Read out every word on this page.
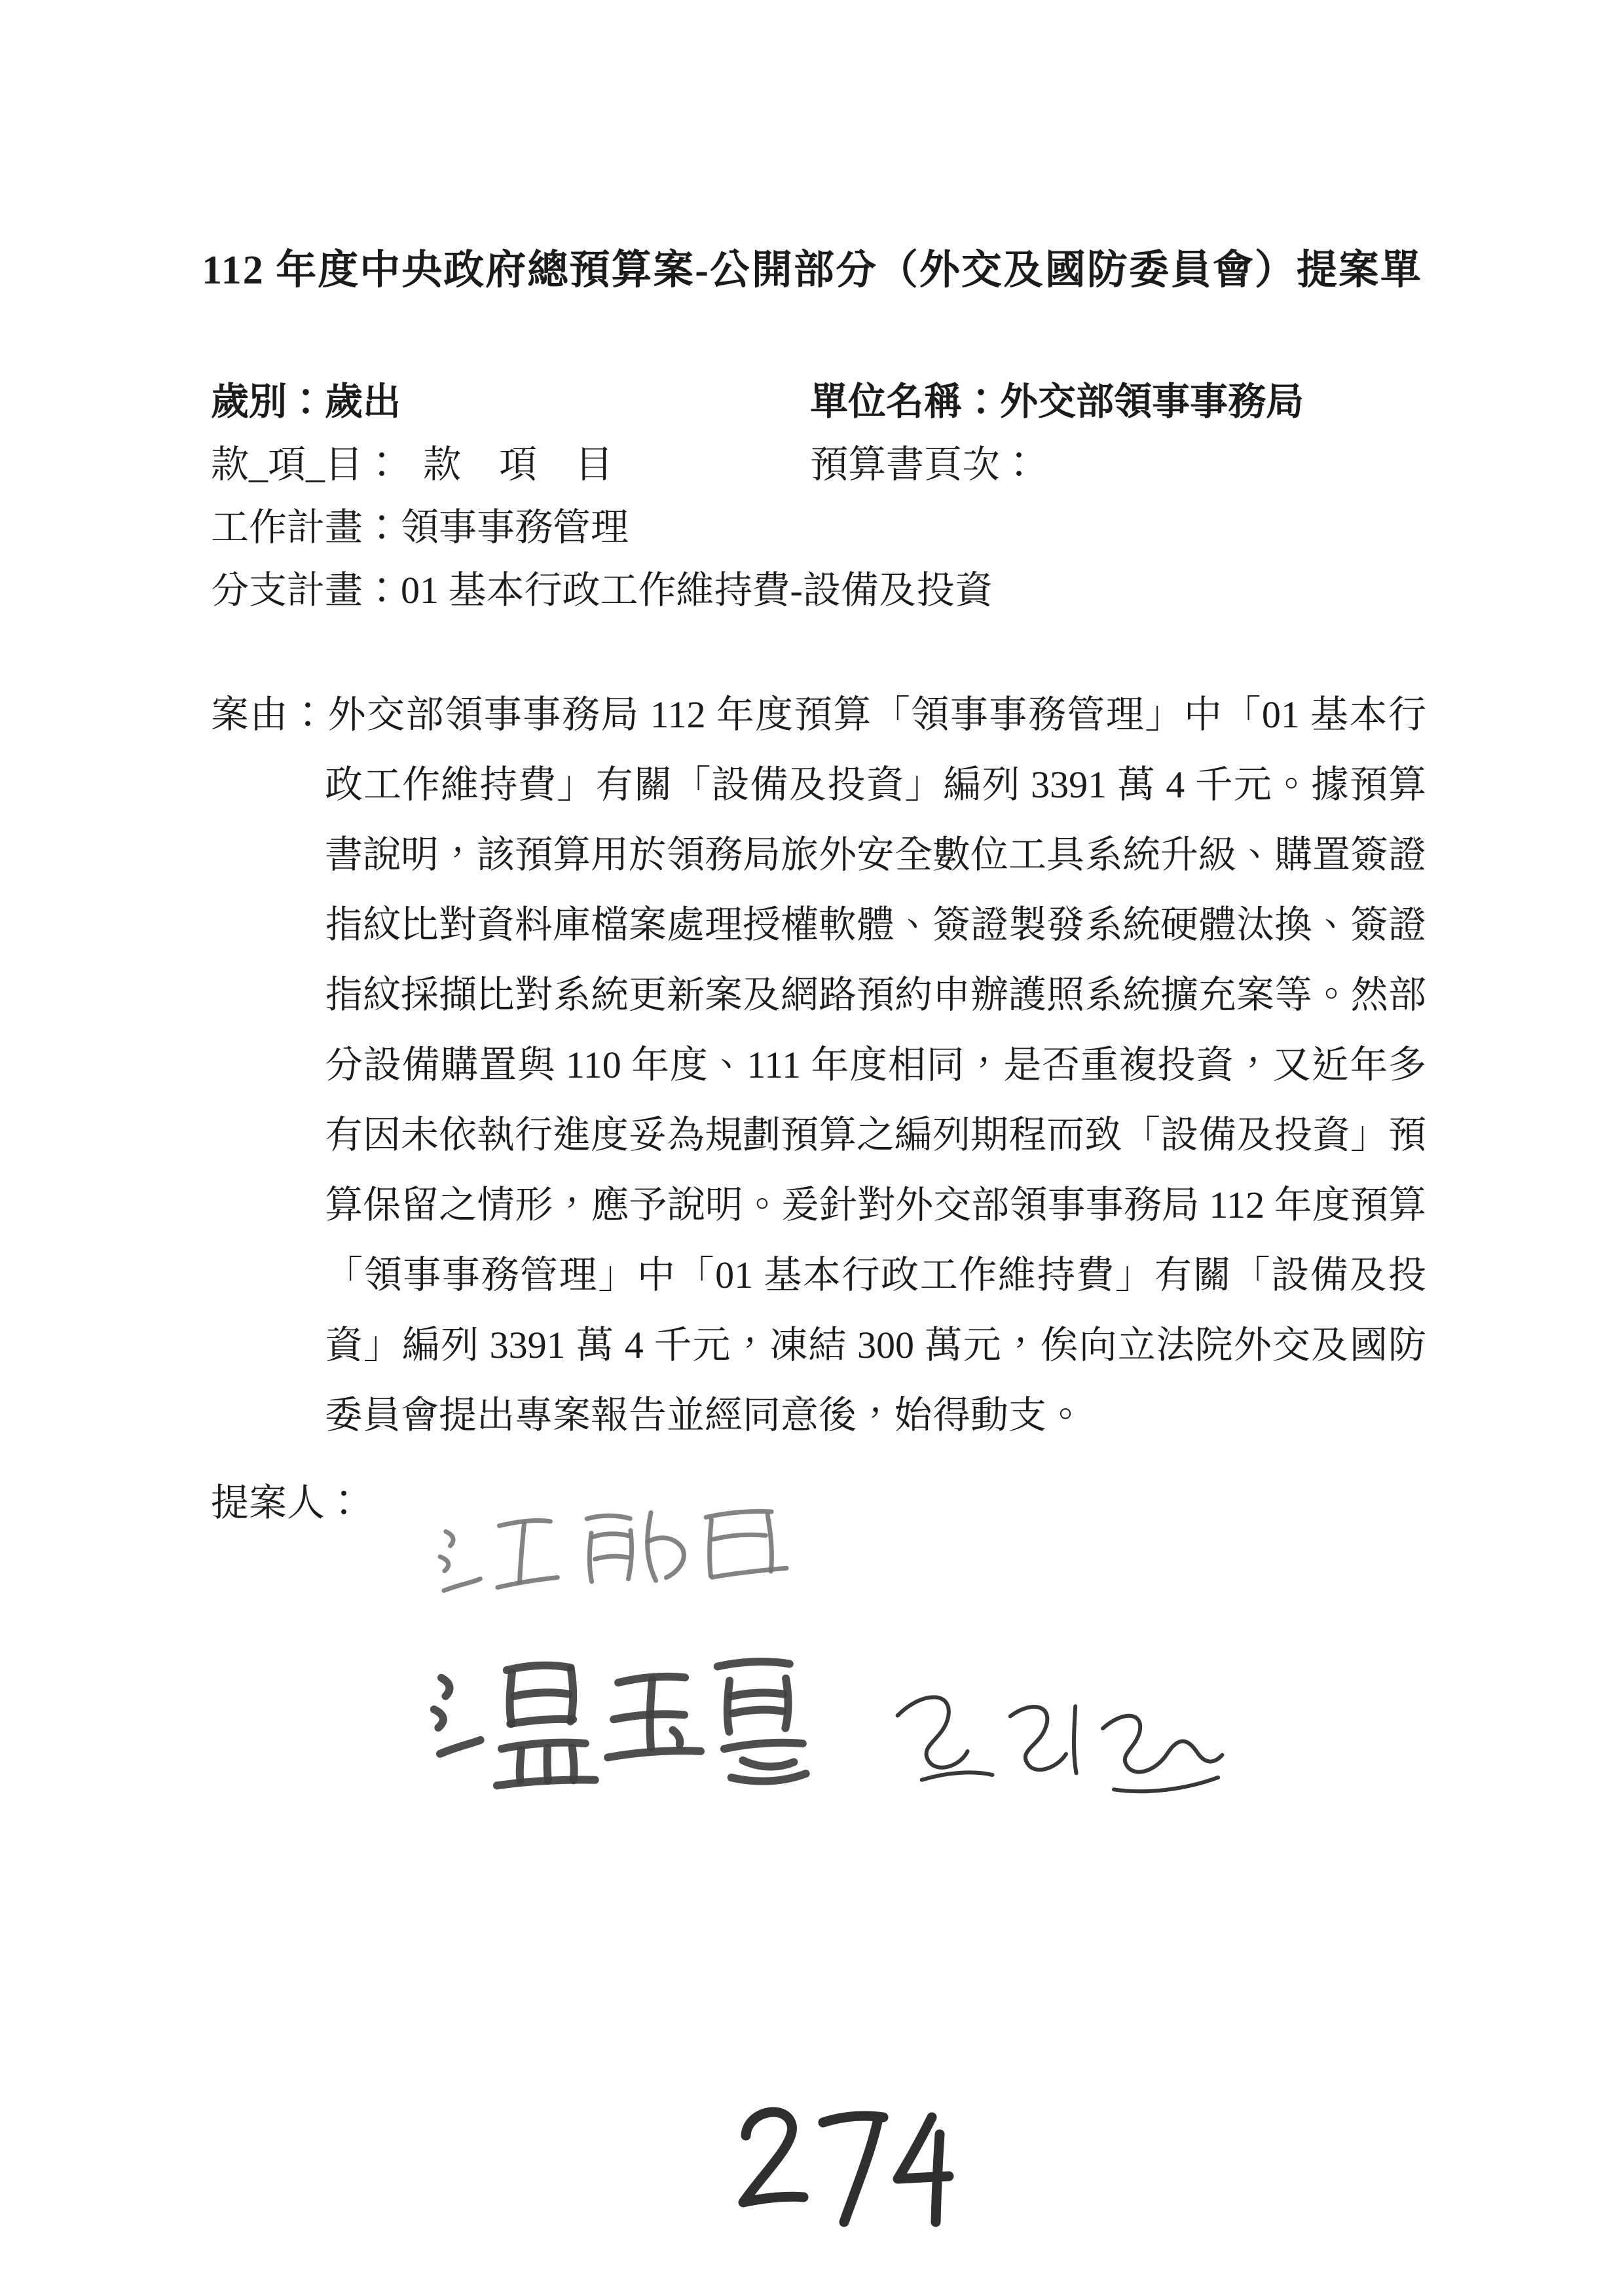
112 年度中央政府總預算案-公開部分（外交及國防委員會）提案單
歲別：歲出	單位名稱：外交部領事事務局
款_項_目： 款　項　目	預算書頁次：
工作計畫：領事事務管理
分支計畫：01 基本行政工作維持費-設備及投資
案由：外交部領事事務局 112 年度預算「領事事務管理」中「01 基本行政工作維持費」有關「設備及投資」編列 3391 萬 4 千元。據預算書說明，該預算用於領務局旅外安全數位工具系統升級、購置簽證指紋比對資料庫檔案處理授權軟體、簽證製發系統硬體汰換、簽證指紋採擷比對系統更新案及網路預約申辦護照系統擴充案等。然部分設備購置與 110 年度、111 年度相同，是否重複投資，又近年多有因未依執行進度妥為規劃預算之編列期程而致「設備及投資」預算保留之情形，應予說明。爰針對外交部領事事務局 112 年度預算「領事事務管理」中「01 基本行政工作維持費」有關「設備及投資」編列 3391 萬 4 千元，凍結 300 萬元，俟向立法院外交及國防委員會提出專案報告並經同意後，始得動支。
提案人：
